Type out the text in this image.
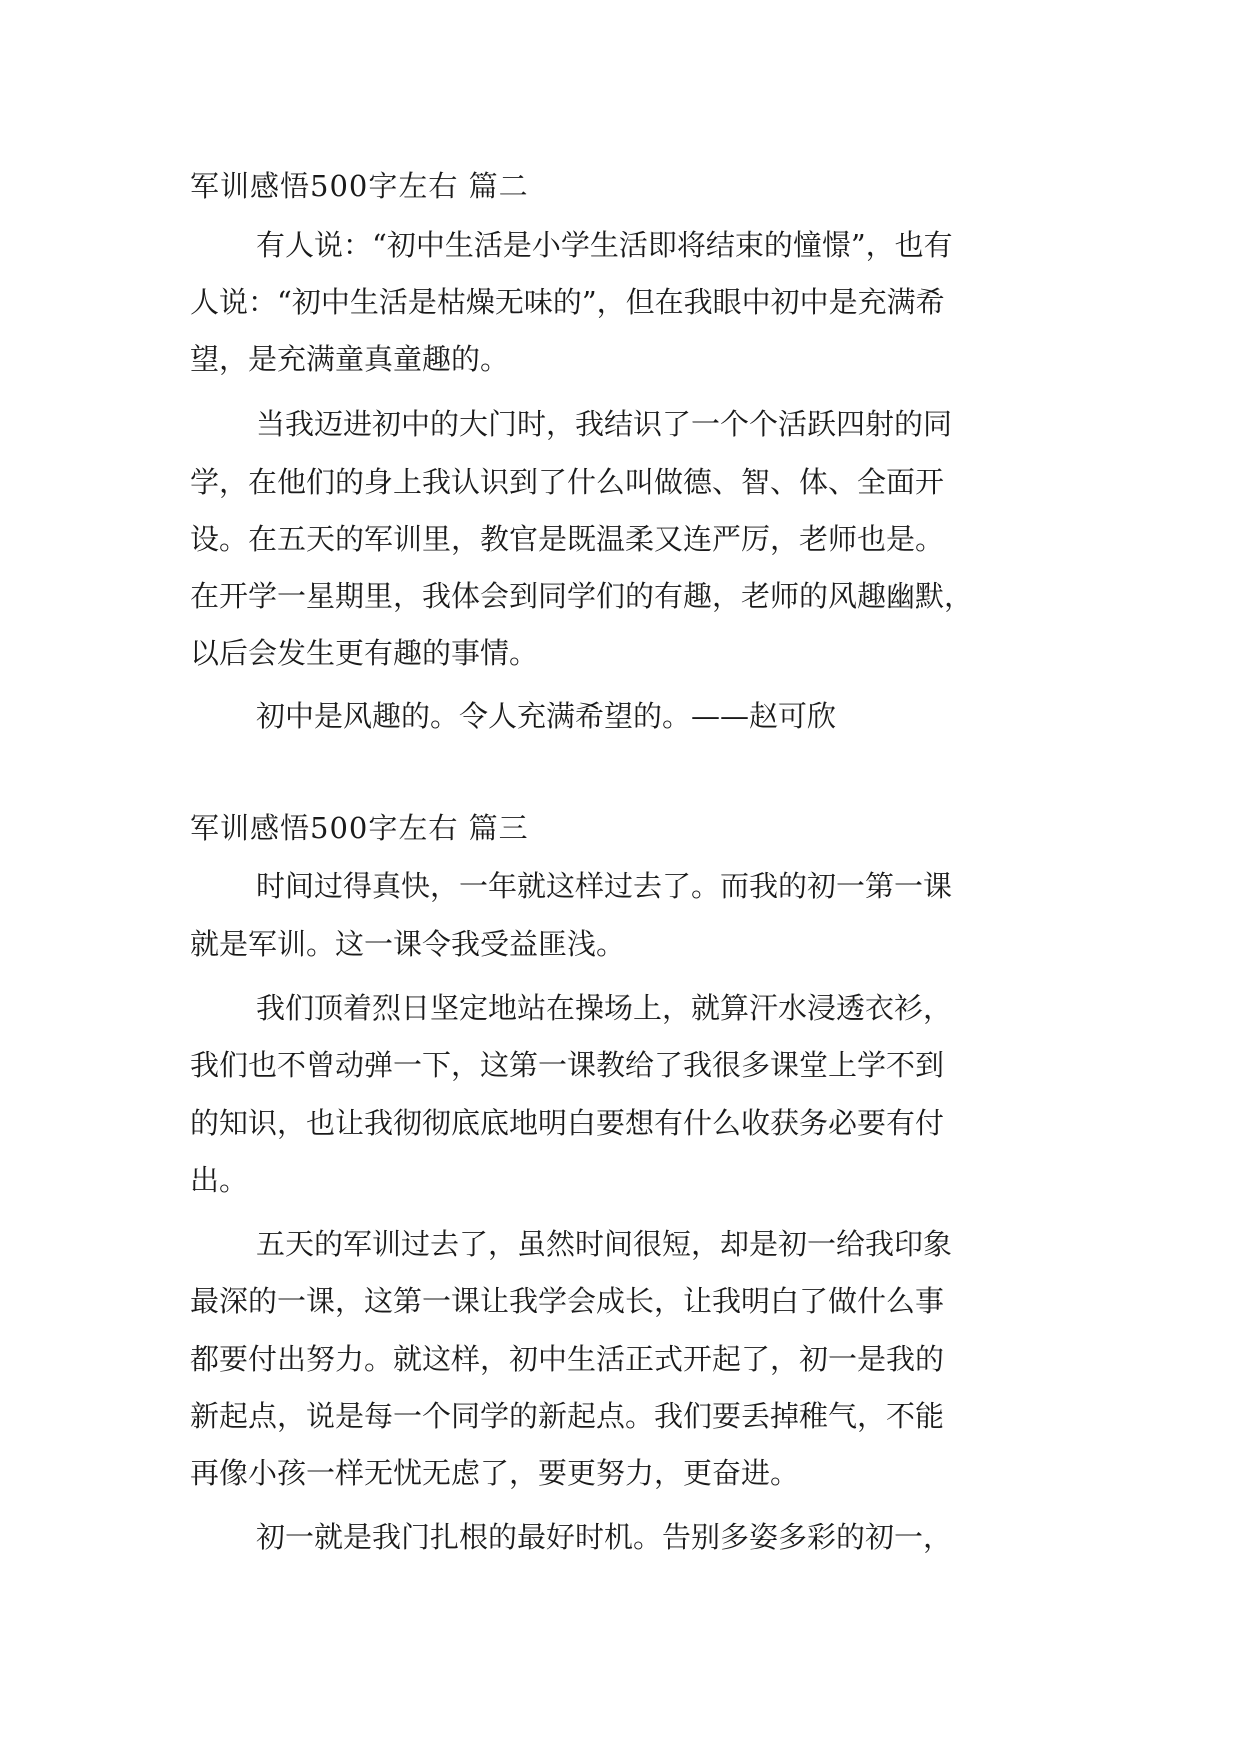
军训感悟500字左右 篇二
有人说：“初中生活是小学生活即将结束的憧憬”，也有
人说：“初中生活是枯燥无味的”，但在我眼中初中是充满希
望，是充满童真童趣的。
当我迈进初中的大门时，我结识了一个个活跃四射的同
学，在他们的身上我认识到了什么叫做德、智、体、全面开
设。在五天的军训里，教官是既温柔又连严厉，老师也是。
在开学一星期里，我体会到同学们的有趣，老师的风趣幽默，
以后会发生更有趣的事情。
初中是风趣的。令人充满希望的。——赵可欣
军训感悟500字左右 篇三
时间过得真快，一年就这样过去了。而我的初一第一课
就是军训。这一课令我受益匪浅。
我们顶着烈日坚定地站在操场上，就算汗水浸透衣衫，
我们也不曾动弹一下，这第一课教给了我很多课堂上学不到
的知识，也让我彻彻底底地明白要想有什么收获务必要有付
出。
五天的军训过去了，虽然时间很短，却是初一给我印象
最深的一课，这第一课让我学会成长，让我明白了做什么事
都要付出努力。就这样，初中生活正式开起了，初一是我的
新起点，说是每一个同学的新起点。我们要丢掉稚气，不能
再像小孩一样无忧无虑了，要更努力，更奋进。
初一就是我门扎根的最好时机。告别多姿多彩的初一，
